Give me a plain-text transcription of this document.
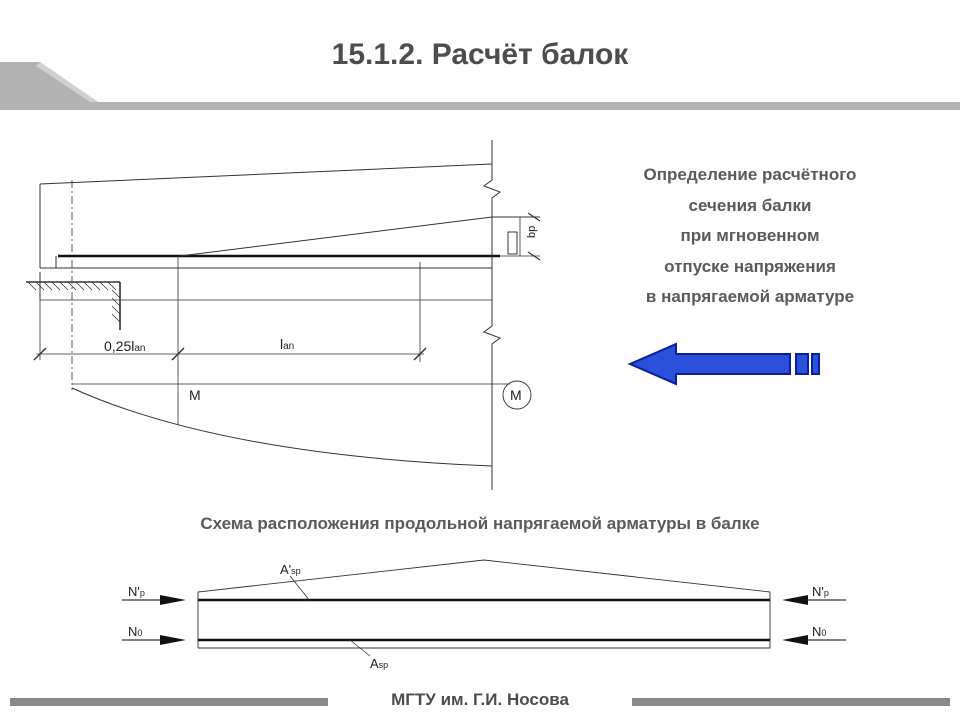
0,25lan	lan
M	M
bp
A'sp
Asp
N'p
N0
N'p
N0
15.1.2. Расчёт балок
Определение расчётного
сечения балки
при мгновенном
отпуске напряжения
в напрягаемой арматуре
Схема расположения продольной напрягаемой арматуры в балке
МГТУ им. Г.И. Носова
